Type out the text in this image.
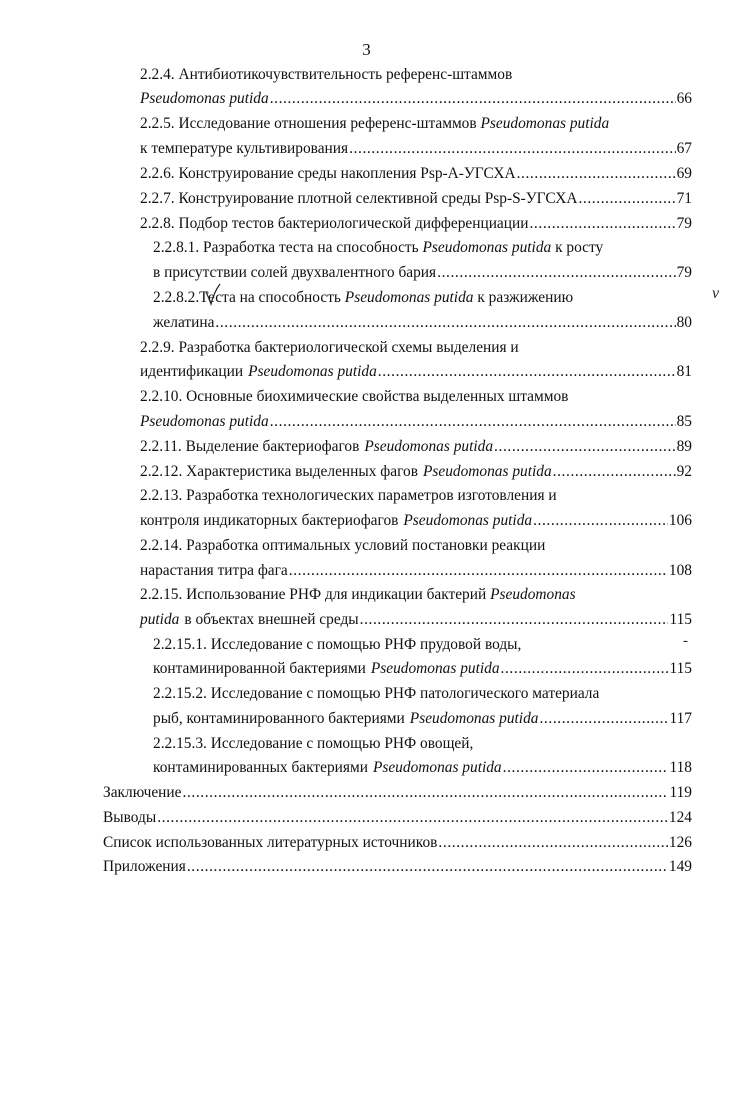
3
2.2.4. Антибиотикочувствительность референс-штаммов
Pseudomonas putida .....	66
2.2.5. Исследование отношения референс-штаммов Pseudomonas putida
к температуре культивирования .....	67
2.2.6. Конструирование среды накопления Psp-A-УГСХА .....	69
2.2.7. Конструирование плотной селективной среды Psp-S-УГСХА .....	71
2.2.8. Подбор тестов бактериологической дифференциации .....	79
2.2.8.1. Разработка теста на способность Pseudomonas putida к росту
в присутствии солей двухвалентного бария .....	79
2.2.8.2.Теста на способность Pseudomonas putida к разжижению
желатина .....	80
v
2.2.9. Разработка бактериологической схемы выделения и
идентификации Pseudomonas putida .....	81
2.2.10. Основные биохимические свойства выделенных штаммов
Pseudomonas putida .....	85
2.2.11. Выделение бактериофагов Pseudomonas putida .....	89
2.2.12. Характеристика выделенных фагов Pseudomonas putida .....	92
2.2.13. Разработка технологических параметров изготовления и
контроля индикаторных бактериофагов Pseudomonas putida .....	106
2.2.14. Разработка оптимальных условий постановки реакции
нарастания титра фага .....	108
2.2.15. Использование РНФ для индикации бактерий Pseudomonas
putida в объектах внешней среды .....	115
2.2.15.1. Исследование с помощью РНФ прудовой воды,	-
контаминированной бактериями Pseudomonas putida .....	115
2.2.15.2. Исследование с помощью РНФ патологического материала
рыб, контаминированного бактериями Pseudomonas putida .....	117
2.2.15.3. Исследование с помощью РНФ овощей,
контаминированных бактериями Pseudomonas putida .....	118
Заключение .....	119
Выводы .....	124
Список использованных литературных источников .....	126
Приложения .....	149
